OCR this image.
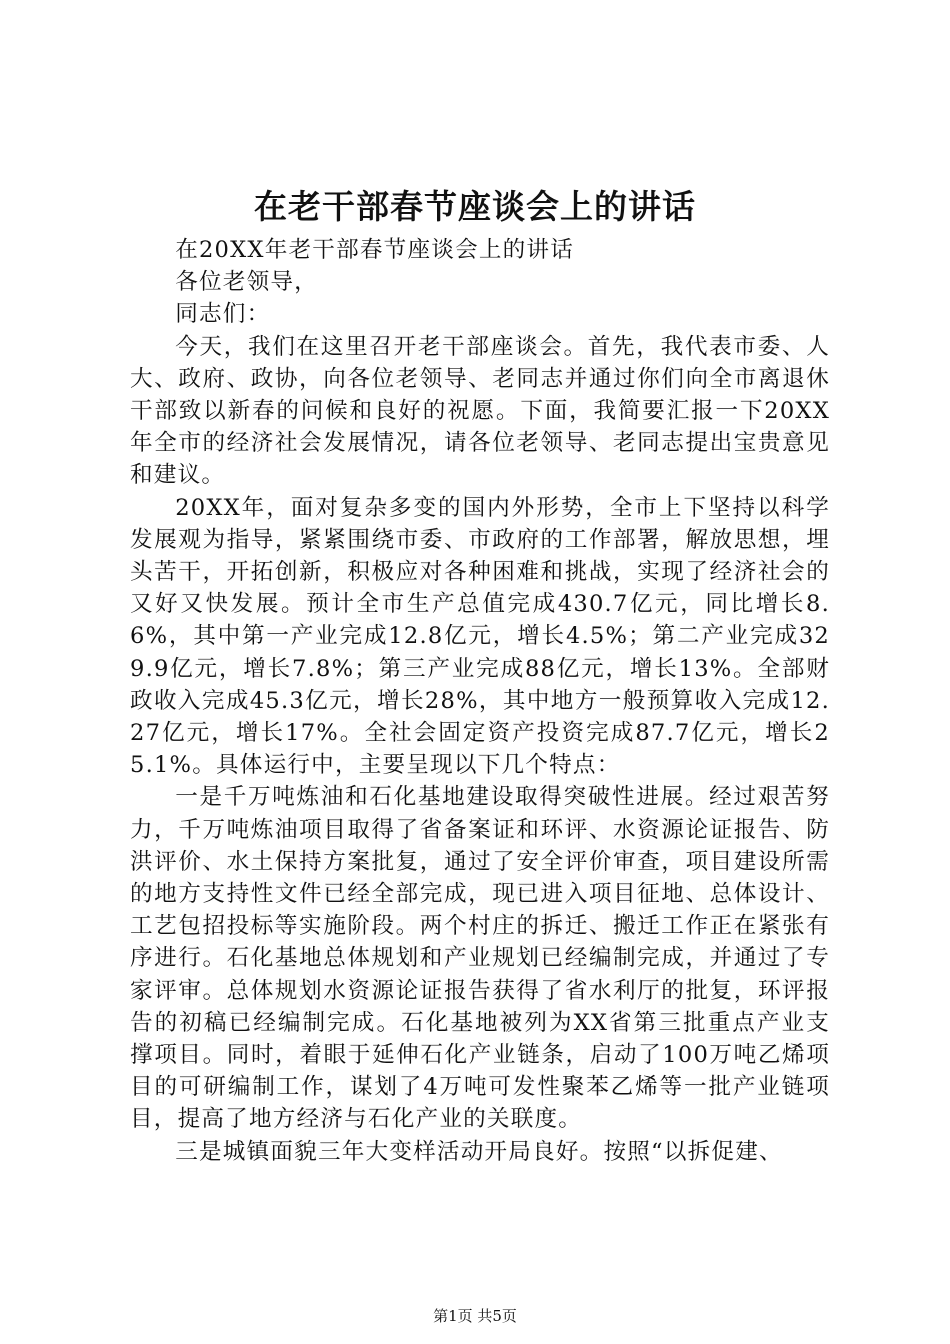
在老干部春节座谈会上的讲话

在20XX年老干部春节座谈会上的讲话

各位老领导，

同志们：

今天，我们在这里召开老干部座谈会。首先，我代表市委、人大、政府、政协，向各位老领导、老同志并通过你们向全市离退休干部致以新春的问候和良好的祝愿。下面，我简要汇报一下20XX年全市的经济社会发展情况，请各位老领导、老同志提出宝贵意见和建议。

20XX年，面对复杂多变的国内外形势，全市上下坚持以科学发展观为指导，紧紧围绕市委、市政府的工作部署，解放思想，埋头苦干，开拓创新，积极应对各种困难和挑战，实现了经济社会的又好又快发展。预计全市生产总值完成430.7亿元，同比增长8.6%，其中第一产业完成12.8亿元，增长4.5%；第二产业完成329.9亿元，增长7.8%；第三产业完成88亿元，增长13%。全部财政收入完成45.3亿元，增长28%，其中地方一般预算收入完成12.27亿元，增长17%。全社会固定资产投资完成87.7亿元，增长25.1%。具体运行中，主要呈现以下几个特点：

一是千万吨炼油和石化基地建设取得突破性进展。经过艰苦努力，千万吨炼油项目取得了省备案证和环评、水资源论证报告、防洪评价、水土保持方案批复，通过了安全评价审查，项目建设所需的地方支持性文件已经全部完成，现已进入项目征地、总体设计、工艺包招投标等实施阶段。两个村庄的拆迁、搬迁工作正在紧张有序进行。石化基地总体规划和产业规划已经编制完成，并通过了专家评审。总体规划水资源论证报告获得了省水利厅的批复，环评报告的初稿已经编制完成。石化基地被列为XX省第三批重点产业支撑项目。同时，着眼于延伸石化产业链条，启动了100万吨乙烯项目的可研编制工作，谋划了4万吨可发性聚苯乙烯等一批产业链项目，提高了地方经济与石化产业的关联度。

三是城镇面貌三年大变样活动开局良好。按照“以拆促建、

第1页 共5页
